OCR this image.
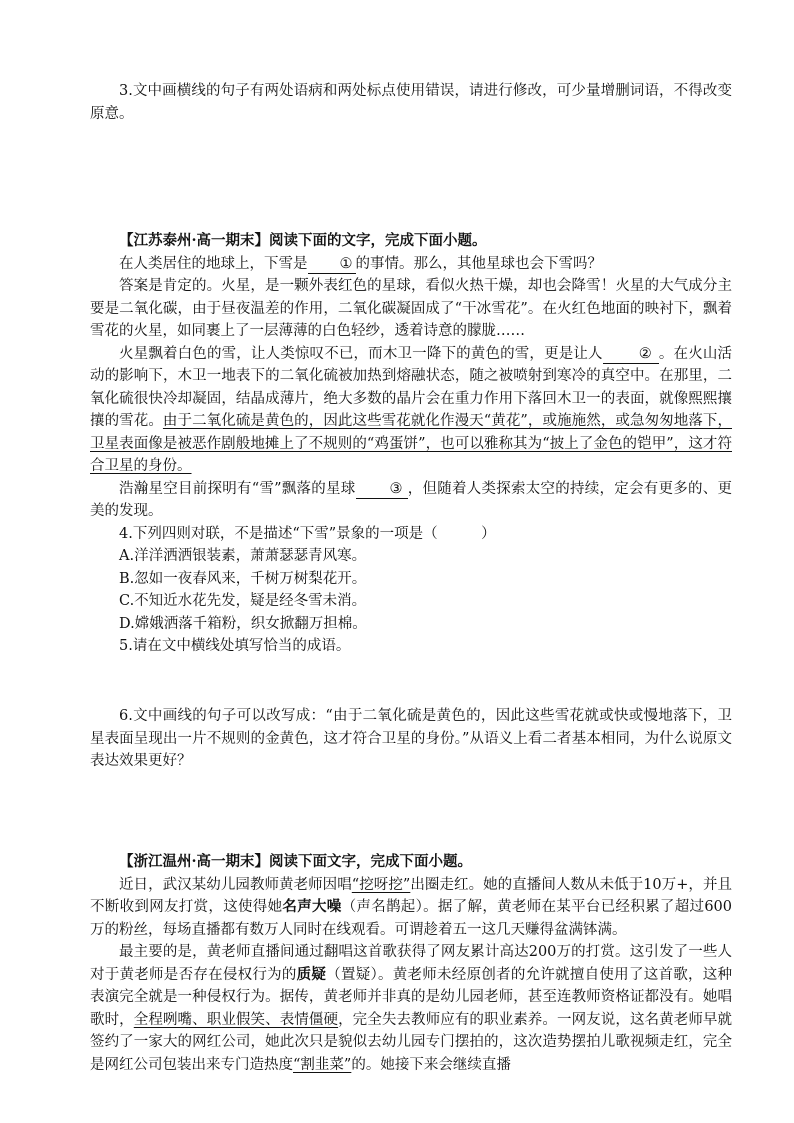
3.文中画横线的句子有两处语病和两处标点使用错误，请进行修改，可少量增删词语，不得改变原意。

【江苏泰州·高一期末】阅读下面的文字，完成下面小题。

在人类居住的地球上，下雪是 ① 的事情。那么，其他星球也会下雪吗？

答案是肯定的。火星，是一颗外表红色的星球，看似火热干燥，却也会降雪！火星的大气成分主要是二氧化碳，由于昼夜温差的作用，二氧化碳凝固成了“干冰雪花”。在火红色地面的映衬下，飘着雪花的火星，如同裹上了一层薄薄的白色轻纱，透着诗意的朦胧……

火星飘着白色的雪，让人类惊叹不已，而木卫一降下的黄色的雪，更是让人 ② 。在火山活动的影响下，木卫一地表下的二氧化硫被加热到熔融状态，随之被喷射到寒冷的真空中。在那里，二氧化硫很快冷却凝固，结晶成薄片，绝大多数的晶片会在重力作用下落回木卫一的表面，就像熙熙攘攘的雪花。由于二氧化硫是黄色的，因此这些雪花就化作漫天“黄花”，或施施然，或急匆匆地落下，卫星表面像是被恶作剧般地摊上了不规则的“鸡蛋饼”，也可以雅称其为“披上了金色的铠甲”，这才符合卫星的身份。

浩瀚星空目前探明有“雪”飘落的星球 ③ ，但随着人类探索太空的持续，定会有更多的、更美的发现。

4.下列四则对联，不是描述“下雪”景象的一项是（　　　）

A.洋洋洒洒银装素，萧萧瑟瑟青风寒。

B.忽如一夜春风来，千树万树梨花开。

C.不知近水花先发，疑是经冬雪未消。

D.嫦娥洒落千箱粉，织女掀翻万担棉。

5.请在文中横线处填写恰当的成语。

6.文中画线的句子可以改写成：“由于二氧化硫是黄色的，因此这些雪花就或快或慢地落下，卫星表面呈现出一片不规则的金黄色，这才符合卫星的身份。”从语义上看二者基本相同，为什么说原文表达效果更好？

【浙江温州·高一期末】阅读下面文字，完成下面小题。

近日，武汉某幼儿园教师黄老师因唱“挖呀挖”出圈走红。她的直播间人数从未低于10万+，并且不断收到网友打赏，这使得她名声大噪（声名鹊起）。据了解，黄老师在某平台已经积累了超过600万的粉丝，每场直播都有数万人同时在线观看。可谓趁着五一这几天赚得盆满钵满。

最主要的是，黄老师直播间通过翻唱这首歌获得了网友累计高达200万的打赏。这引发了一些人对于黄老师是否存在侵权行为的质疑（置疑）。黄老师未经原创者的允许就擅自使用了这首歌，这种表演完全就是一种侵权行为。据传，黄老师并非真的是幼儿园老师，甚至连教师资格证都没有。她唱歌时，全程咧嘴、职业假笑、表情僵硬，完全失去教师应有的职业素养。一网友说，这名黄老师早就签约了一家大的网红公司，她此次只是貌似去幼儿园专门摆拍的，这次造势摆拍儿歌视频走红，完全是网红公司包装出来专门造热度“割韭菜”的。她接下来会继续直播
